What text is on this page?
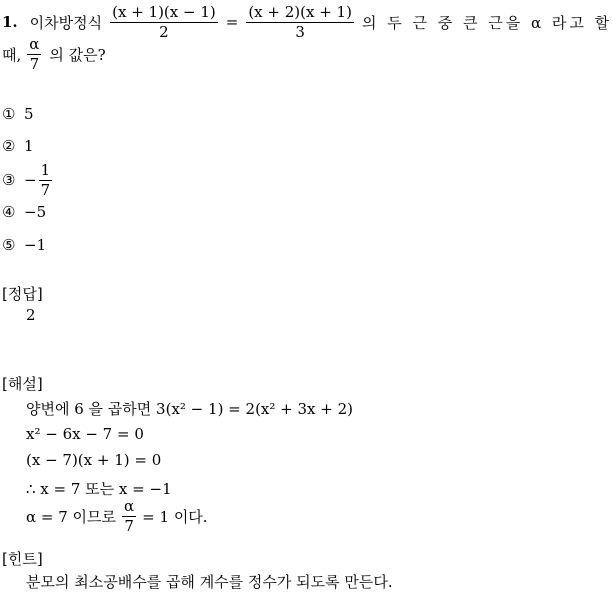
1. 이차방정식 $\frac{(x + 1)(x - 1)}{2} = \frac{(x + 2)(x + 1)}{3}$ 의 두 근 중 큰 근을 α 라고 할
때, $\frac{\alpha}{7}$ 의 값은?
① 5
② 1
③ − $\frac{1}{7}$
④ −5
⑤ −1
[정답]
2
[해설]
양변에 6 을 곱하면 3(x² − 1) = 2(x² + 3x + 2)
x² − 6x − 7 = 0
(x − 7)(x + 1) = 0
∴ x = 7 또는 x = −1
α = 7 이므로 $\frac{\alpha}{7} = 1$ 이다.
[힌트]
분모의 최소공배수를 곱해 계수를 정수가 되도록 만든다.
